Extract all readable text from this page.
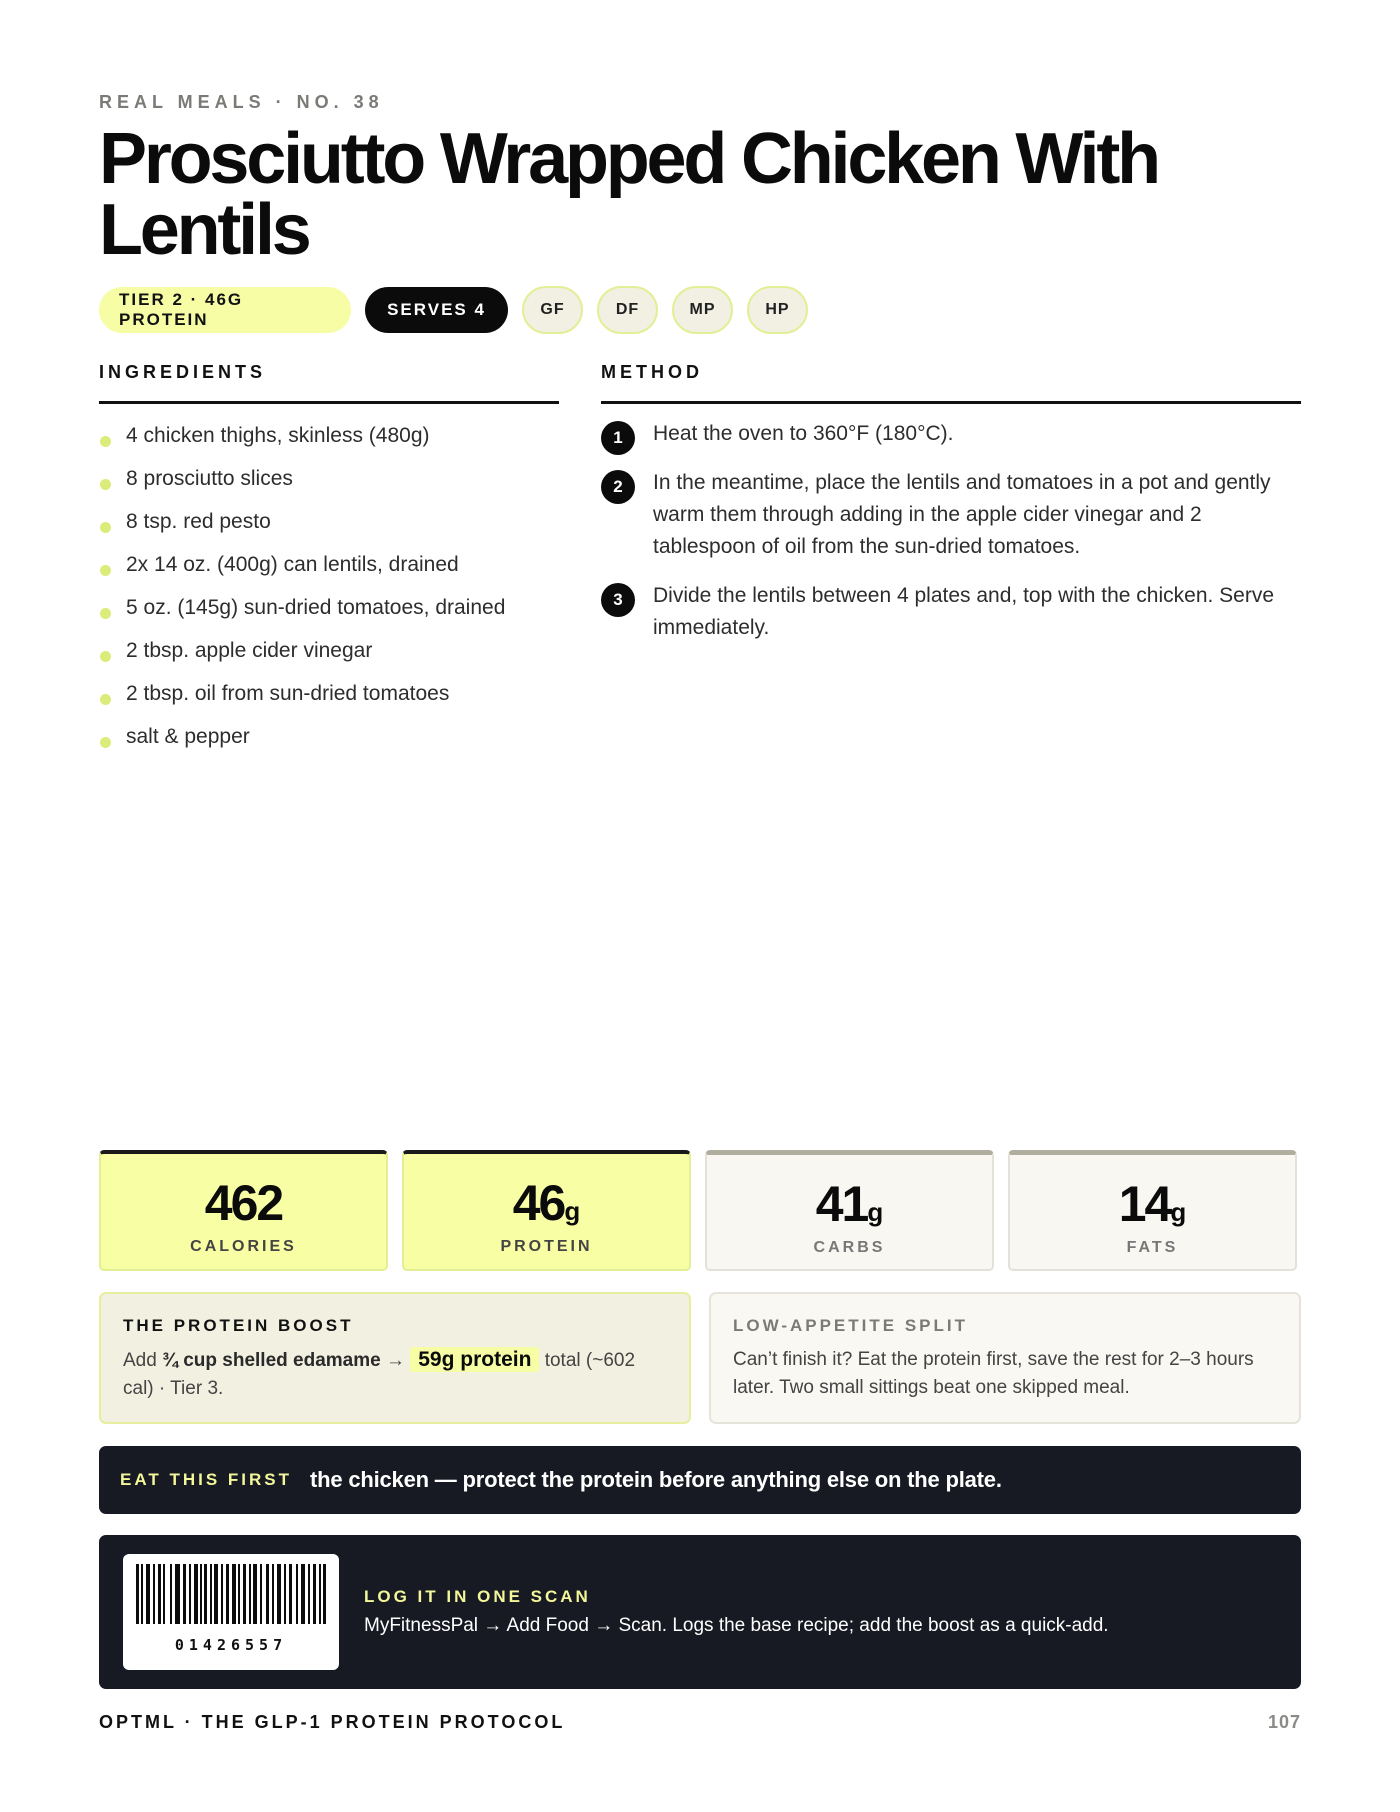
REAL MEALS · NO. 38
Prosciutto Wrapped Chicken With Lentils
TIER 2 · 46G PROTEIN
SERVES 4	GF	DF	MP	HP
INGREDIENTS	METHOD
4 chicken thighs, skinless (480g)
8 prosciutto slices
8 tsp. red pesto
2x 14 oz. (400g) can lentils, drained
5 oz. (145g) sun-dried tomatoes, drained
2 tbsp. apple cider vinegar
2 tbsp. oil from sun-dried tomatoes
salt & pepper
1	Heat the oven to 360°F (180°C).
2	In the meantime, place the lentils and tomatoes in a pot and gently warm them through adding in the apple cider vinegar and 2 tablespoon of oil from the sun-dried tomatoes.
3	Divide the lentils between 4 plates and, top with the chicken. Serve immediately.
462
CALORIES
46g
PROTEIN
41g
CARBS
14g
FATS
THE PROTEIN BOOST
Add ¾ cup shelled edamame → 59g protein total (~602 cal) · Tier 3.
LOW-APPETITE SPLIT
Can’t finish it? Eat the protein first, save the rest for 2–3 hours later. Two small sittings beat one skipped meal.
EAT THIS FIRST the chicken — protect the protein before anything else on the plate.
01426557
LOG IT IN ONE SCAN
MyFitnessPal → Add Food → Scan. Logs the base recipe; add the boost as a quick-add.
OPTML · THE GLP-1 PROTEIN PROTOCOL	107
